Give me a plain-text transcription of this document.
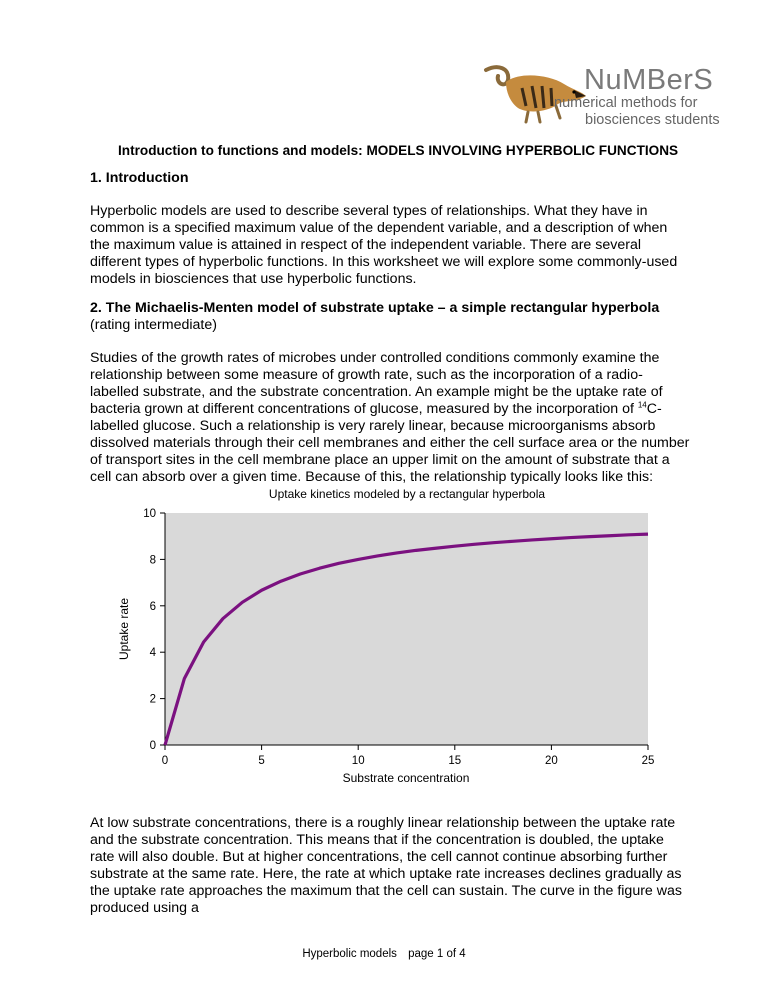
NuMBerS
numerical methods for
biosciences students
Introduction to functions and models: MODELS INVOLVING HYPERBOLIC FUNCTIONS
1. Introduction
Hyperbolic models are used to describe several types of relationships. What they have in common is a specified maximum value of the dependent variable, and a description of when the maximum value is attained in respect of the independent variable. There are several different types of hyperbolic functions. In this worksheet we will explore some commonly-used models in biosciences that use hyperbolic functions.
2. The Michaelis-Menten model of substrate uptake – a simple rectangular hyperbola (rating intermediate)
Studies of the growth rates of microbes under controlled conditions commonly examine the relationship between some measure of growth rate, such as the incorporation of a radio-labelled substrate, and the substrate concentration. An example might be the uptake rate of bacteria grown at different concentrations of glucose, measured by the incorporation of $^{14}$C-labelled glucose. Such a relationship is very rarely linear, because microorganisms absorb dissolved materials through their cell membranes and either the cell surface area or the number of transport sites in the cell membrane place an upper limit on the amount of substrate that a cell can absorb over a given time. Because of this, the relationship typically looks like this:
Uptake kinetics modeled by a rectangular hyperbola
0
2
4
6
8
10
0	5	10	15	20	25
Substrate concentration
Uptake rate
At low substrate concentrations, there is a roughly linear relationship between the uptake rate and the substrate concentration. This means that if the concentration is doubled, the uptake rate will also double. But at higher concentrations, the cell cannot continue absorbing further substrate at the same rate. Here, the rate at which uptake rate increases declines gradually as the uptake rate approaches the maximum that the cell can sustain. The curve in the figure was produced using a
Hyperbolic models page 1 of 4
